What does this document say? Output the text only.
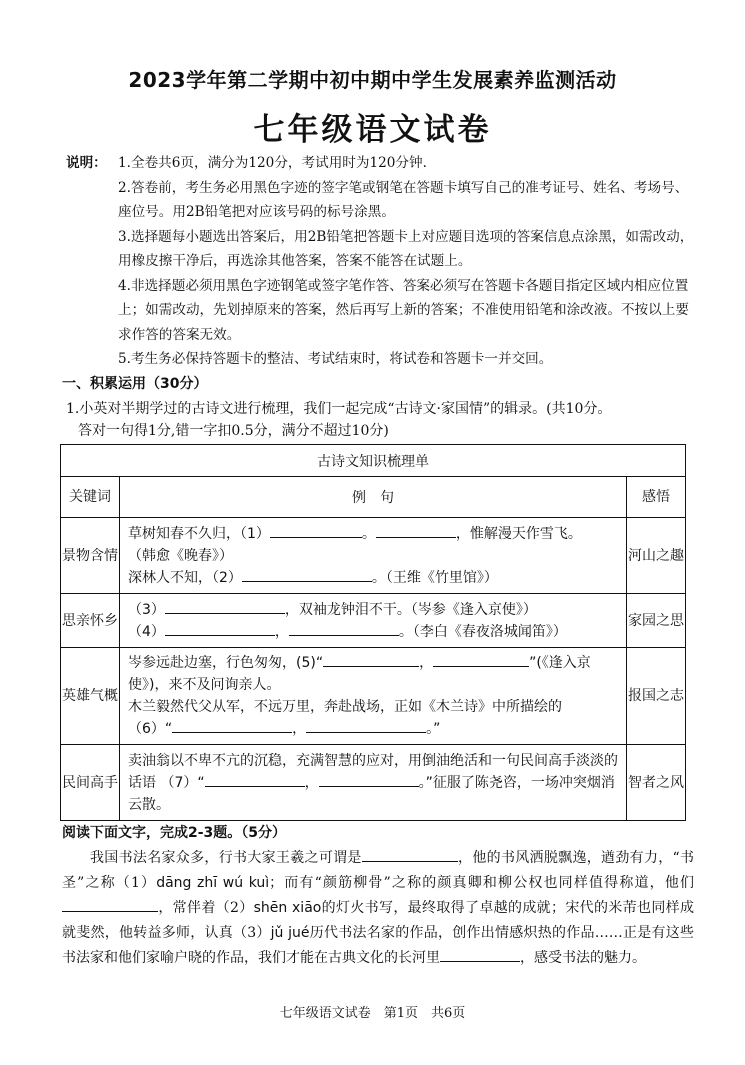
2023学年第二学期中初中期中学生发展素养监测活动
七年级语文试卷
说明： 1.全卷共6页，满分为120分，考试用时为120分钟.
2.答卷前，考生务必用黑色字迹的签字笔或钢笔在答题卡填写自己的准考证号、姓名、考场号、座位号。用2B铅笔把对应该号码的标号涂黑。
3.选择题每小题选出答案后，用2B铅笔把答题卡上对应题目选项的答案信息点涂黑，如需改动，用橡皮擦干净后，再选涂其他答案，答案不能答在试题上。
4.非选择题必须用黑色字迹钢笔或签字笔作答、答案必须写在答题卡各题目指定区域内相应位置上；如需改动，先划掉原来的答案，然后再写上新的答案；不准使用铅笔和涂改液。不按以上要求作答的答案无效。
5.考生务必保持答题卡的整洁、考试结束时，将试卷和答题卡一并交回。
一、积累运用（30分）
1.小英对半期学过的古诗文进行梳理，我们一起完成“古诗文·家国情”的辑录。(共10分。
答对一句得1分,错一字扣0.5分，满分不超过10分)
古诗文知识梳理单		
关键词	例　句	感悟
景物含情	草树知春不久归，（1） 。 ，惟解漫天作雪飞。
（韩愈《晚春》）
深林人不知，（2） 。（王维《竹里馆》）	河山之趣
思亲怀乡	（3） ，双袖龙钟泪不干。（岑参《逢入京使》）
（4） ， 。（李白《春夜洛城闻笛》）	家园之思
英雄气概	岑参远赴边塞，行色匆匆，(5)“ ， ”(《逢入京使》)，来不及问询亲人。
木兰毅然代父从军，不远万里，奔赴战场，正如《木兰诗》中所描绘的
（6）“ ， 。”	报国之志
民间高手	卖油翁以不卑不亢的沉稳，充满智慧的应对，用倒油绝活和一句民间高手淡淡的话语 （7）“ ， 。”征服了陈尧咨，一场冲突烟消云散。	智者之风
阅读下面文字，完成2-3题。（5分）

我国书法名家众多，行书大家王羲之可谓是	，他的书风洒脱飘逸，遒劲有力，“书圣”之称（1）dāng zhī wú kuì；而有“颜筋柳骨”之称的颜真卿和柳公权也同样值得称道，他们，常伴着（2）shēn xiāo的灯火书写，最终取得了卓越的成就；宋代的米芾也同样成就斐然，他转益多师，认真（3）jǔ jué历代书法名家的作品，创作出情感炽热的作品……正是有这些书法家和他们家喻户晓的作品，我们才能在古典文化的长河里	，感受书法的魅力。

七年级语文试卷　第1页　共6页
